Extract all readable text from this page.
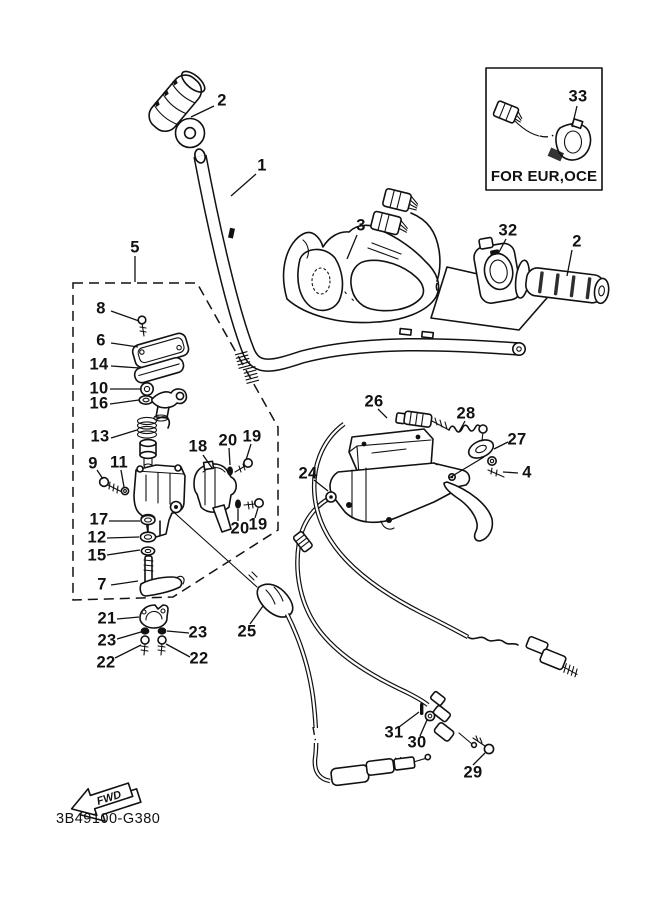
FWD
2
1
3
33
32
2
5
8
6
14
10
16
13
18 20 19
9 11
26
28
27
24	4
17
12
15
20 19
7
21
23	23
22	22
25
31
30
29
FOR EUR,OCE
3B49100-G380
